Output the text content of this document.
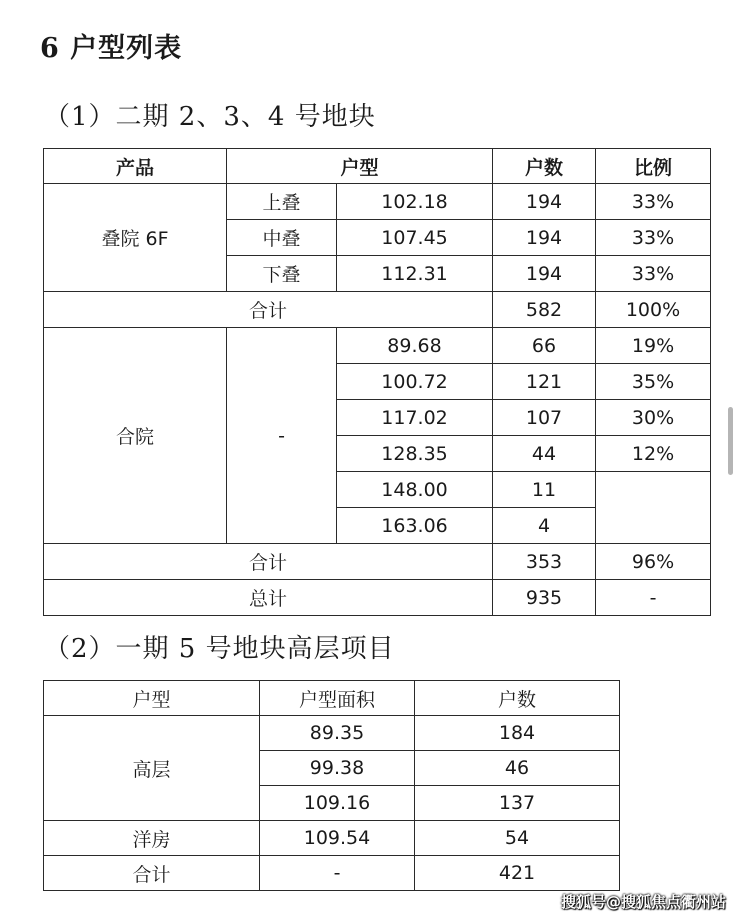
6 户型列表
（1）二期 2、3、4 号地块
产品	户型		户数	比例
叠院 6F	上叠	102.18	194	33%
	中叠	107.45	194	33%
	下叠	112.31	194	33%
合计			582	100%
合院	-	89.68	66	19%
		100.72	121	35%
		117.02	107	30%
		128.35	44	12%
		148.00	11	
		163.06	4	
合计			353	96%
总计			935	-
（2）一期 5 号地块高层项目
户型	户型面积	户数
高层	89.35	184
	99.38	46
	109.16	137
洋房	109.54	54
合计	-	421
搜狐号@搜狐焦点衢州站
